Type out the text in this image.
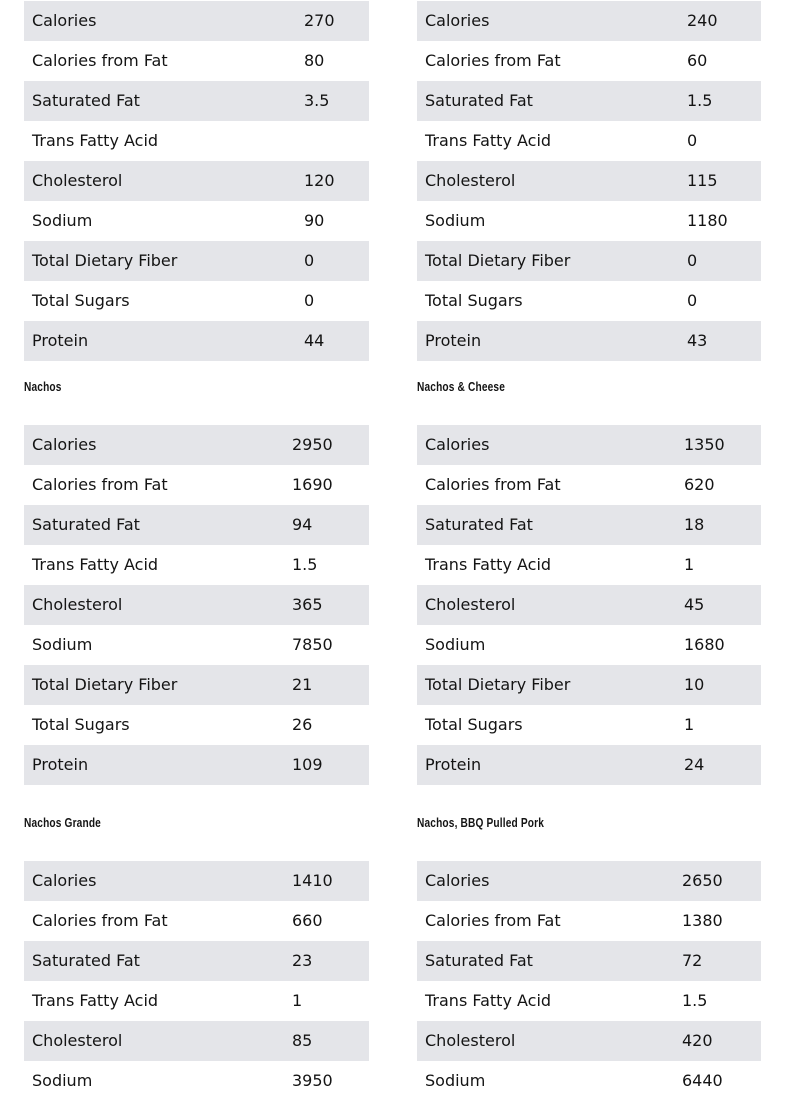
Calories	270
Calories from Fat	80
Saturated Fat	3.5
Trans Fatty Acid	
Cholesterol	120
Sodium	90
Total Dietary Fiber	0
Total Sugars	0
Protein	44
Calories	240
Calories from Fat	60
Saturated Fat	1.5
Trans Fatty Acid	0
Cholesterol	115
Sodium	1180
Total Dietary Fiber	0
Total Sugars	0
Protein	43
Nachos
Calories	2950
Calories from Fat	1690
Saturated Fat	94
Trans Fatty Acid	1.5
Cholesterol	365
Sodium	7850
Total Dietary Fiber	21
Total Sugars	26
Protein	109
Nachos & Cheese
Calories	1350
Calories from Fat	620
Saturated Fat	18
Trans Fatty Acid	1
Cholesterol	45
Sodium	1680
Total Dietary Fiber	10
Total Sugars	1
Protein	24
Nachos Grande
Calories	1410
Calories from Fat	660
Saturated Fat	23
Trans Fatty Acid	1
Cholesterol	85
Sodium	3950
Nachos, BBQ Pulled Pork
Calories	2650
Calories from Fat	1380
Saturated Fat	72
Trans Fatty Acid	1.5
Cholesterol	420
Sodium	6440
